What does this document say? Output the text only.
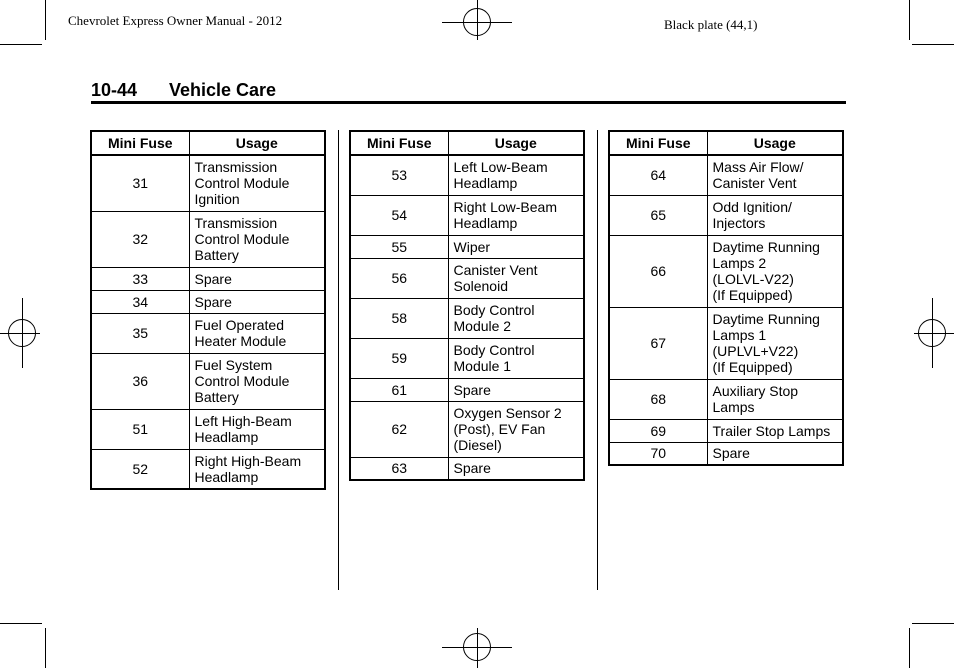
Chevrolet Express Owner Manual - 2012	Black plate (44,1)
10-44 Vehicle Care
Mini Fuse	Usage
31	Transmission
Control Module
Ignition
32	Transmission
Control Module
Battery
33	Spare
34	Spare
35	Fuel Operated
Heater Module
36	Fuel System
Control Module
Battery
51	Left High-Beam
Headlamp
52	Right High-Beam
Headlamp
Mini Fuse	Usage
53	Left Low-Beam
Headlamp
54	Right Low-Beam
Headlamp
55	Wiper
56	Canister Vent
Solenoid
58	Body Control
Module 2
59	Body Control
Module 1
61	Spare
62	Oxygen Sensor 2
(Post), EV Fan
(Diesel)
63	Spare
Mini Fuse	Usage
64	Mass Air Flow/
Canister Vent
65	Odd Ignition/
Injectors
66	Daytime Running
Lamps 2
(LOLVL-V22)
(If Equipped)
67	Daytime Running
Lamps 1
(UPLVL+V22)
(If Equipped)
68	Auxiliary Stop
Lamps
69	Trailer Stop Lamps
70	Spare
